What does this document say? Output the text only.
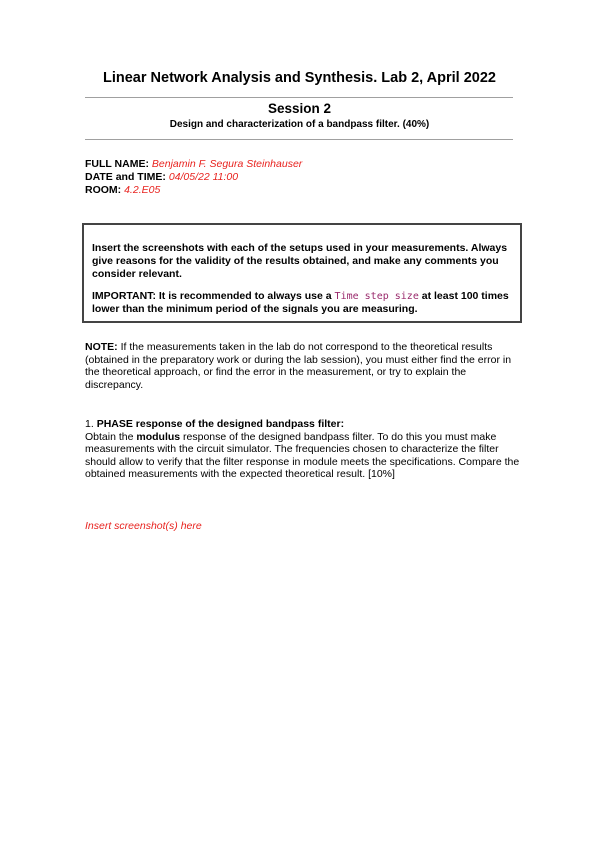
Linear Network Analysis and Synthesis. Lab 2, April 2022
Session 2

Design and characterization of a bandpass filter. (40%)

FULL NAME: Benjamin F. Segura Steinhauser
DATE and TIME: 04/05/22 11:00
ROOM: 4.2.E05

Insert the screenshots with each of the setups used in your measurements. Always give reasons for the validity of the results obtained, and make any comments you consider relevant.

IMPORTANT: It is recommended to always use a Time step size at least 100 times lower than the minimum period of the signals you are measuring.

NOTE: If the measurements taken in the lab do not correspond to the theoretical results (obtained in the preparatory work or during the lab session), you must either find the error in the theoretical approach, or find the error in the measurement, or try to explain the discrepancy.

1. PHASE response of the designed bandpass filter:

Obtain the modulus response of the designed bandpass filter. To do this you must make measurements with the circuit simulator. The frequencies chosen to characterize the filter should allow to verify that the filter response in module meets the specifications. Compare the obtained measurements with the expected theoretical result. [10%]

Insert screenshot(s) here
